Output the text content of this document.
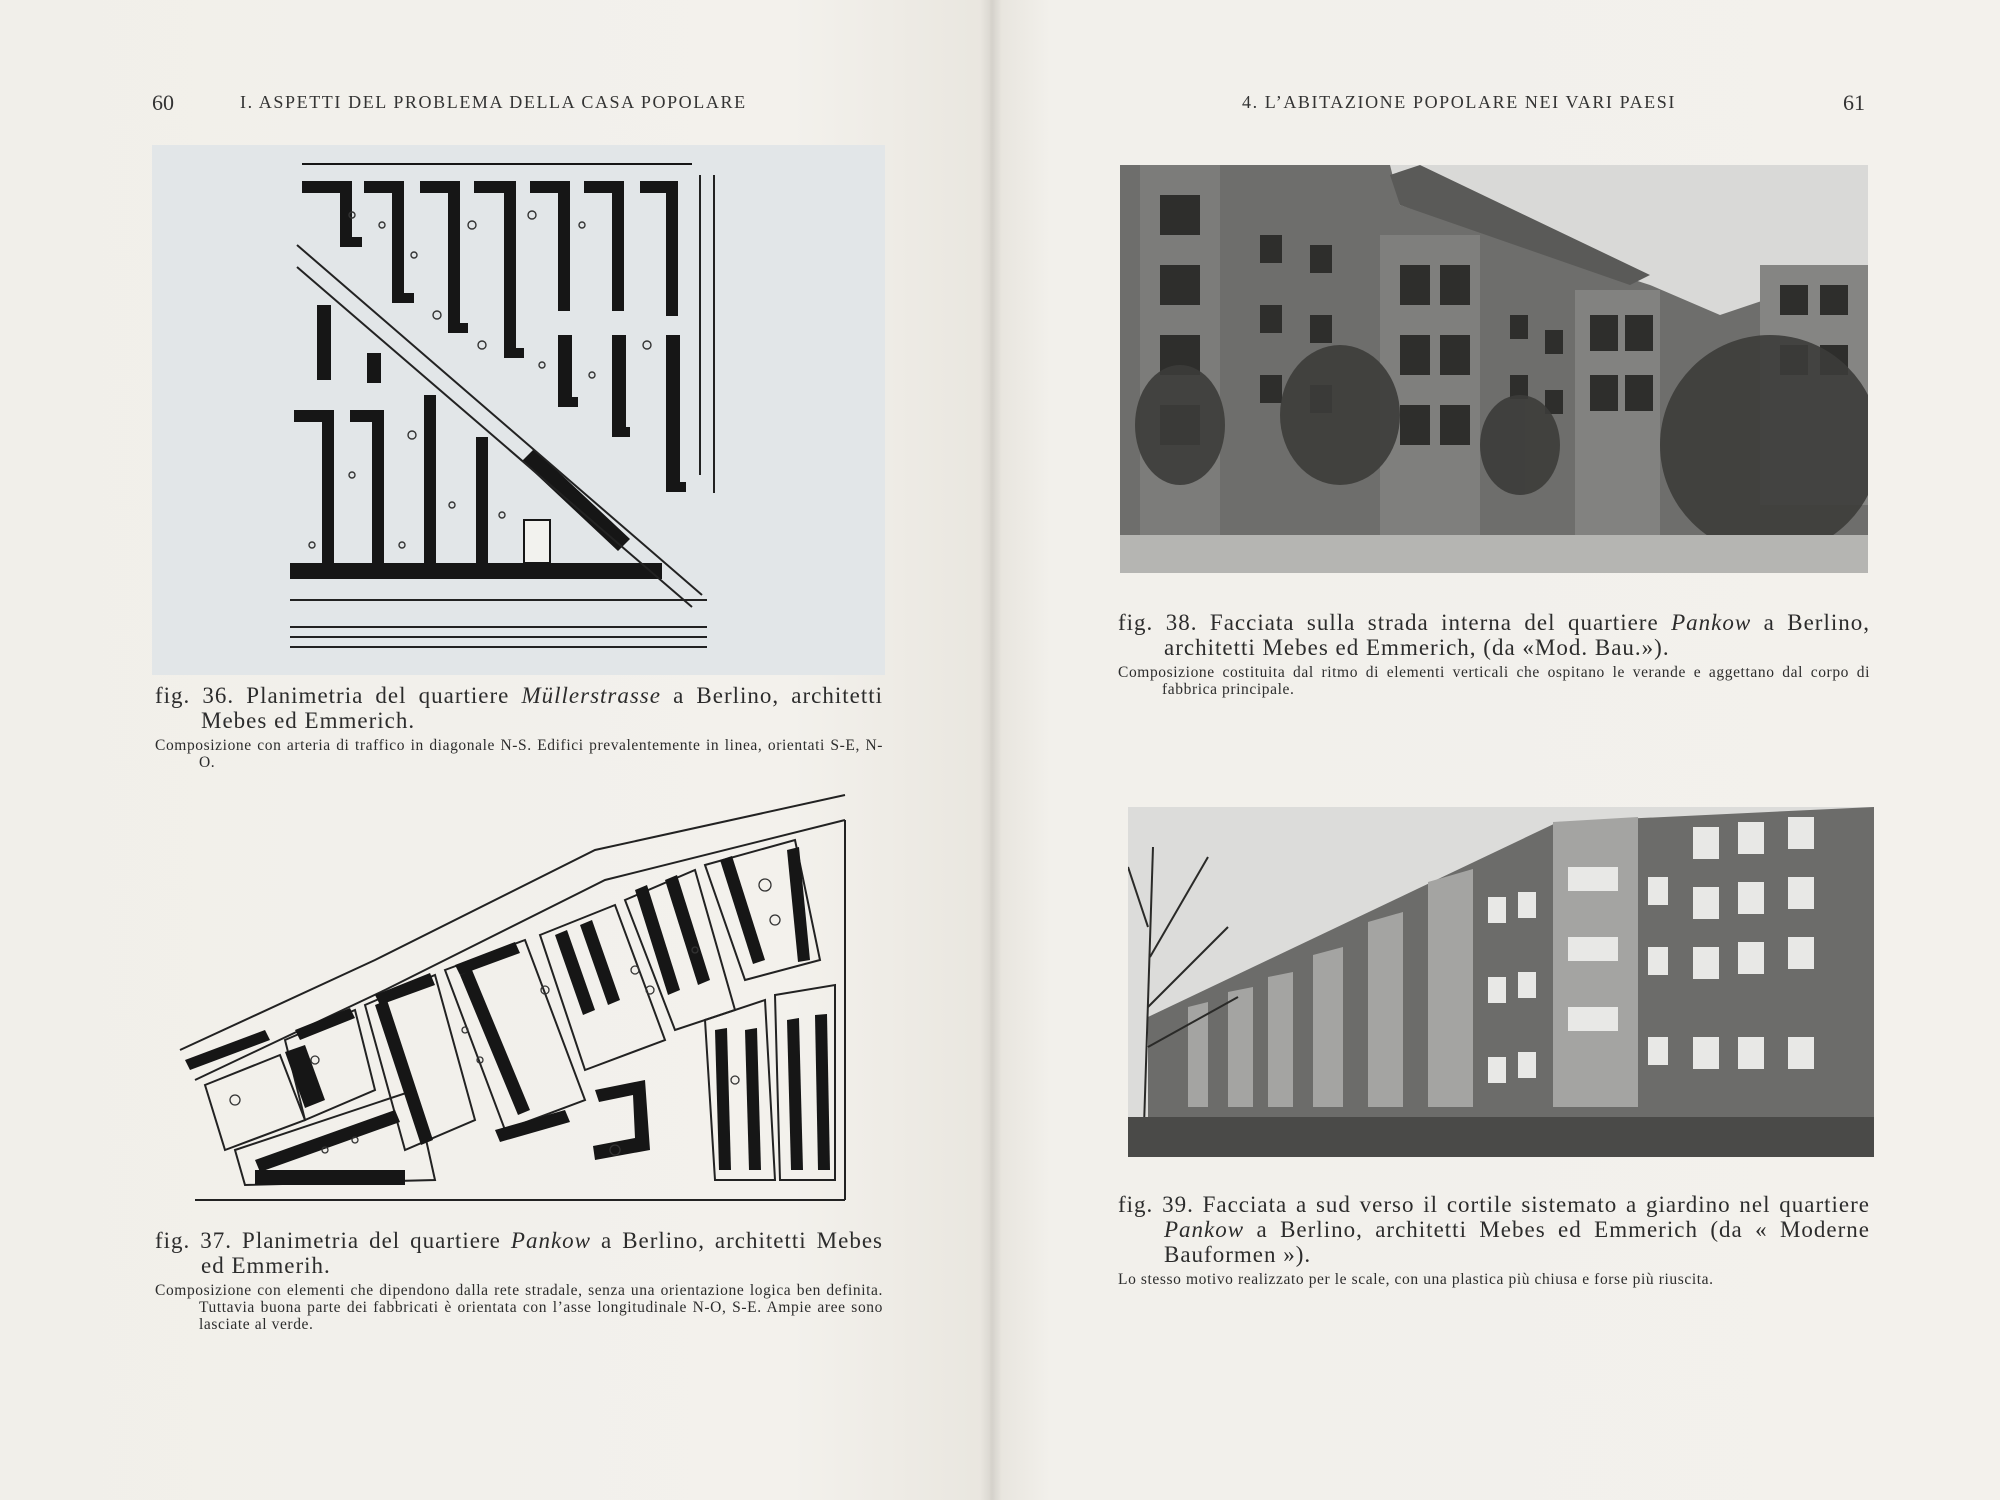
60	I. ASPETTI DEL PROBLEMA DELLA CASA POPOLARE	4. L’ABITAZIONE POPOLARE NEI VARI PAESI	61
fig. 36. Planimetria del quartiere Müllerstrasse a Berlino, architetti Mebes ed Emmerich.
Composizione con arteria di traffico in diagonale N-S. Edifici prevalentemente in linea, orientati S-E, N-O.
fig. 37. Planimetria del quartiere Pankow a Berlino, architetti Mebes ed Emmerih.
Composizione con elementi che dipendono dalla rete stradale, senza una orientazione logica ben definita. Tuttavia buona parte dei fabbricati è orientata con l’asse longitudinale N-O, S-E. Ampie aree sono lasciate al verde.
fig. 38. Facciata sulla strada interna del quartiere Pankow a Berlino, architetti Mebes ed Emmerich, (da «Mod. Bau.»).
Composizione costituita dal ritmo di elementi verticali che ospitano le verande e aggettano dal corpo di fabbrica principale.
fig. 39. Facciata a sud verso il cortile sistemato a giardino nel quartiere Pankow a Berlino, architetti Mebes ed Emmerich (da « Moderne Bauformen »).
Lo stesso motivo realizzato per le scale, con una plastica più chiusa e forse più riuscita.
